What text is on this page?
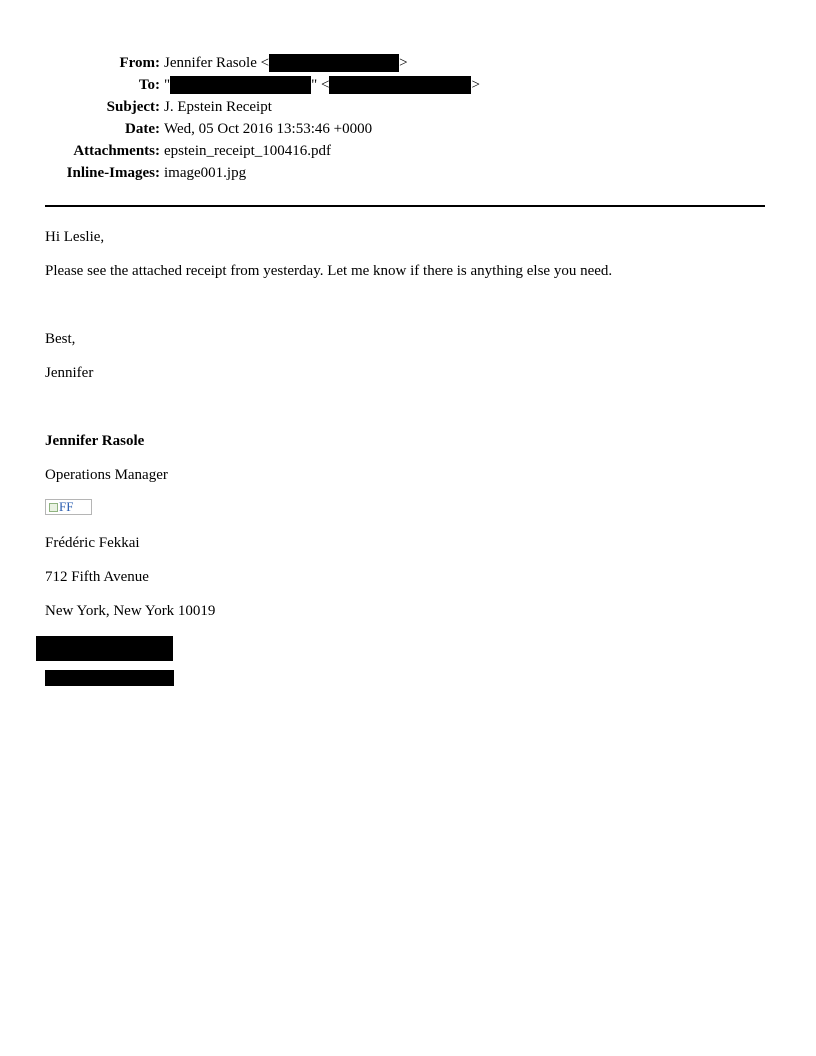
From: Jennifer Rasole <	>
To: "	" <	>
Subject: J. Epstein Receipt
Date: Wed, 05 Oct 2016 13:53:46 +0000
Attachments: epstein_receipt_100416.pdf
Inline-Images: image001.jpg
Hi Leslie,
Please see the attached receipt from yesterday. Let me know if there is anything else you need.
Best,
Jennifer
Jennifer Rasole
Operations Manager
FF
Frédéric Fekkai
712 Fifth Avenue
New York, New York 10019
